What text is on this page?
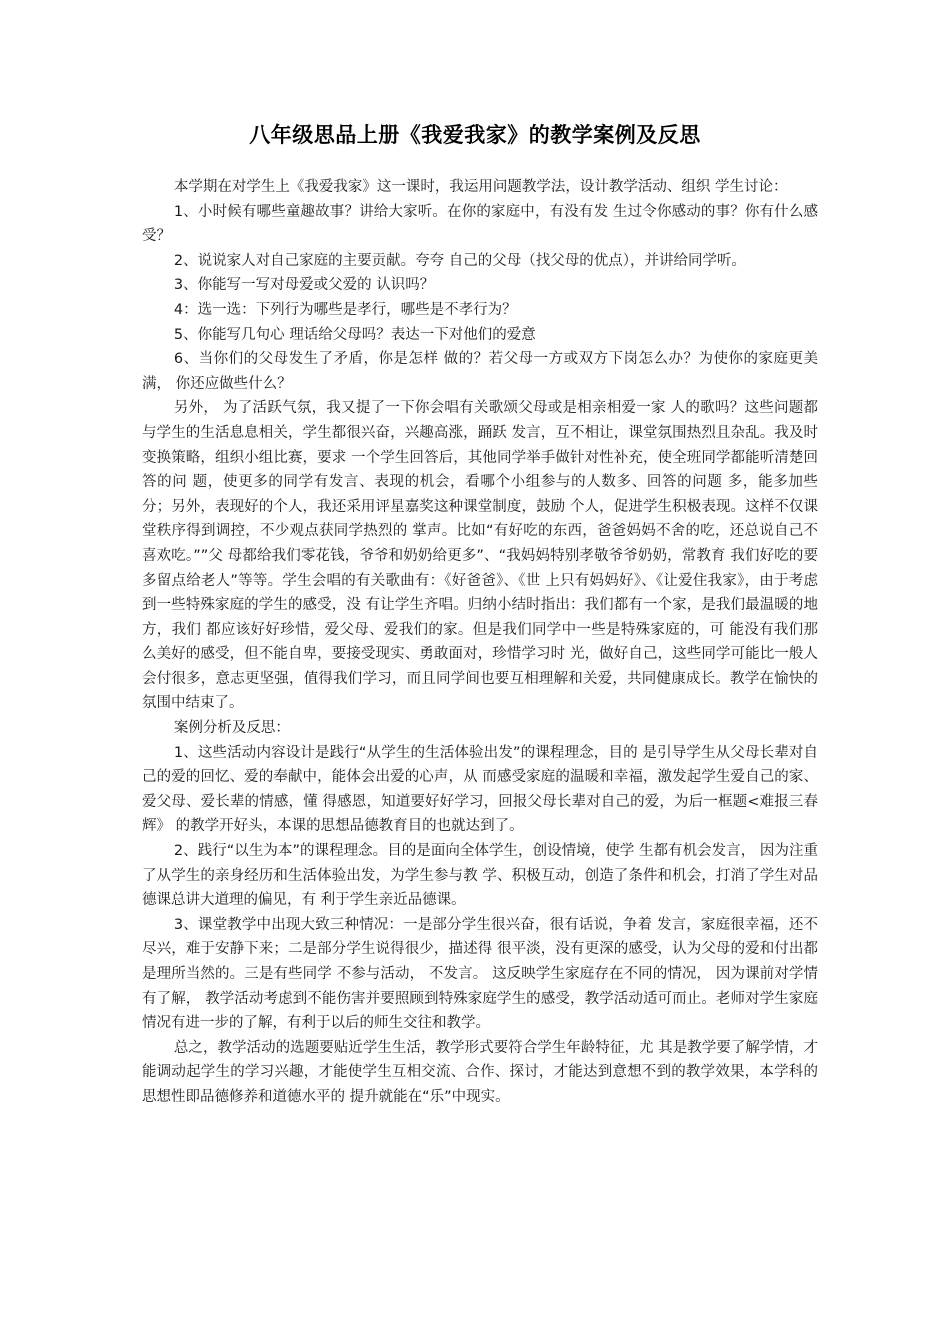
八年级思品上册《我爱我家》的教学案例及反思

本学期在对学生上《我爱我家》这一课时，我运用问题教学法，设计教学活动、组织 学生讨论：

1、小时候有哪些童趣故事？讲给大家听。在你的家庭中，有没有发 生过令你感动的事？你有什么感受？

2、说说家人对自己家庭的主要贡献。夸夸 自己的父母（找父母的优点），并讲给同学听。

3、你能写一写对母爱或父爱的 认识吗？

4：选一选：下列行为哪些是孝行，哪些是不孝行为？

5、你能写几句心 理话给父母吗？表达一下对他们的爱意

6、当你们的父母发生了矛盾，你是怎样 做的？若父母一方或双方下岗怎么办？为使你的家庭更美满， 你还应做些什么？

另外， 为了活跃气氛，我又提了一下你会唱有关歌颂父母或是相亲相爱一家 人的歌吗？这些问题都与学生的生活息息相关，学生都很兴奋，兴趣高涨，踊跃 发言，互不相让，课堂氛围热烈且杂乱。我及时变换策略，组织小组比赛，要求 一个学生回答后，其他同学举手做针对性补充，使全班同学都能听清楚回答的问 题，使更多的同学有发言、表现的机会，看哪个小组参与的人数多、回答的问题 多，能多加些分；另外，表现好的个人，我还采用评星嘉奖这种课堂制度，鼓励 个人，促进学生积极表现。这样不仅课堂秩序得到调控，不少观点获同学热烈的 掌声。比如“有好吃的东西，爸爸妈妈不舍的吃，还总说自己不喜欢吃。””父 母都给我们零花钱，爷爷和奶奶给更多”、“我妈妈特别孝敬爷爷奶奶，常教育 我们好吃的要多留点给老人”等等。学生会唱的有关歌曲有：《好爸爸》、《世 上只有妈妈好》、《让爱住我家》，由于考虑到一些特殊家庭的学生的感受，没 有让学生齐唱。归纳小结时指出：我们都有一个家，是我们最温暖的地方，我们 都应该好好珍惜，爱父母、爱我们的家。但是我们同学中一些是特殊家庭的，可 能没有我们那么美好的感受，但不能自卑，要接受现实、勇敢面对，珍惜学习时 光，做好自己，这些同学可能比一般人会付很多，意志更坚强，值得我们学习，而且同学间也要互相理解和关爱，共同健康成长。教学在愉快的氛围中结束了。

案例分析及反思：

1、这些活动内容设计是践行“从学生的生活体验出发”的课程理念，目的 是引导学生从父母长辈对自己的爱的回忆、爱的奉献中，能体会出爱的心声，从 而感受家庭的温暖和幸福，激发起学生爱自己的家、爱父母、爱长辈的情感，懂 得感恩，知道要好好学习，回报父母长辈对自己的爱，为后一框题<难报三春辉》 的教学开好头，本课的思想品德教育目的也就达到了。

2、践行“以生为本”的课程理念。目的是面向全体学生，创设情境，使学 生都有机会发言， 因为注重了从学生的亲身经历和生活体验出发，为学生参与教 学、积极互动，创造了条件和机会，打消了学生对品德课总讲大道理的偏见，有 利于学生亲近品德课。

3、课堂教学中出现大致三种情况：一是部分学生很兴奋，很有话说，争着 发言，家庭很幸福，还不尽兴，难于安静下来；二是部分学生说得很少，描述得 很平淡，没有更深的感受，认为父母的爱和付出都是理所当然的。三是有些同学 不参与活动， 不发言。 这反映学生家庭存在不同的情况， 因为课前对学情有了解， 教学活动考虑到不能伤害并要照顾到特殊家庭学生的感受，教学活动适可而止。老师对学生家庭情况有进一步的了解，有利于以后的师生交往和教学。

总之，教学活动的选题要贴近学生生活，教学形式要符合学生年龄特征，尤 其是教学要了解学情，才能调动起学生的学习兴趣，才能使学生互相交流、合作、探讨，才能达到意想不到的教学效果，本学科的思想性即品德修养和道德水平的 提升就能在“乐”中现实。
